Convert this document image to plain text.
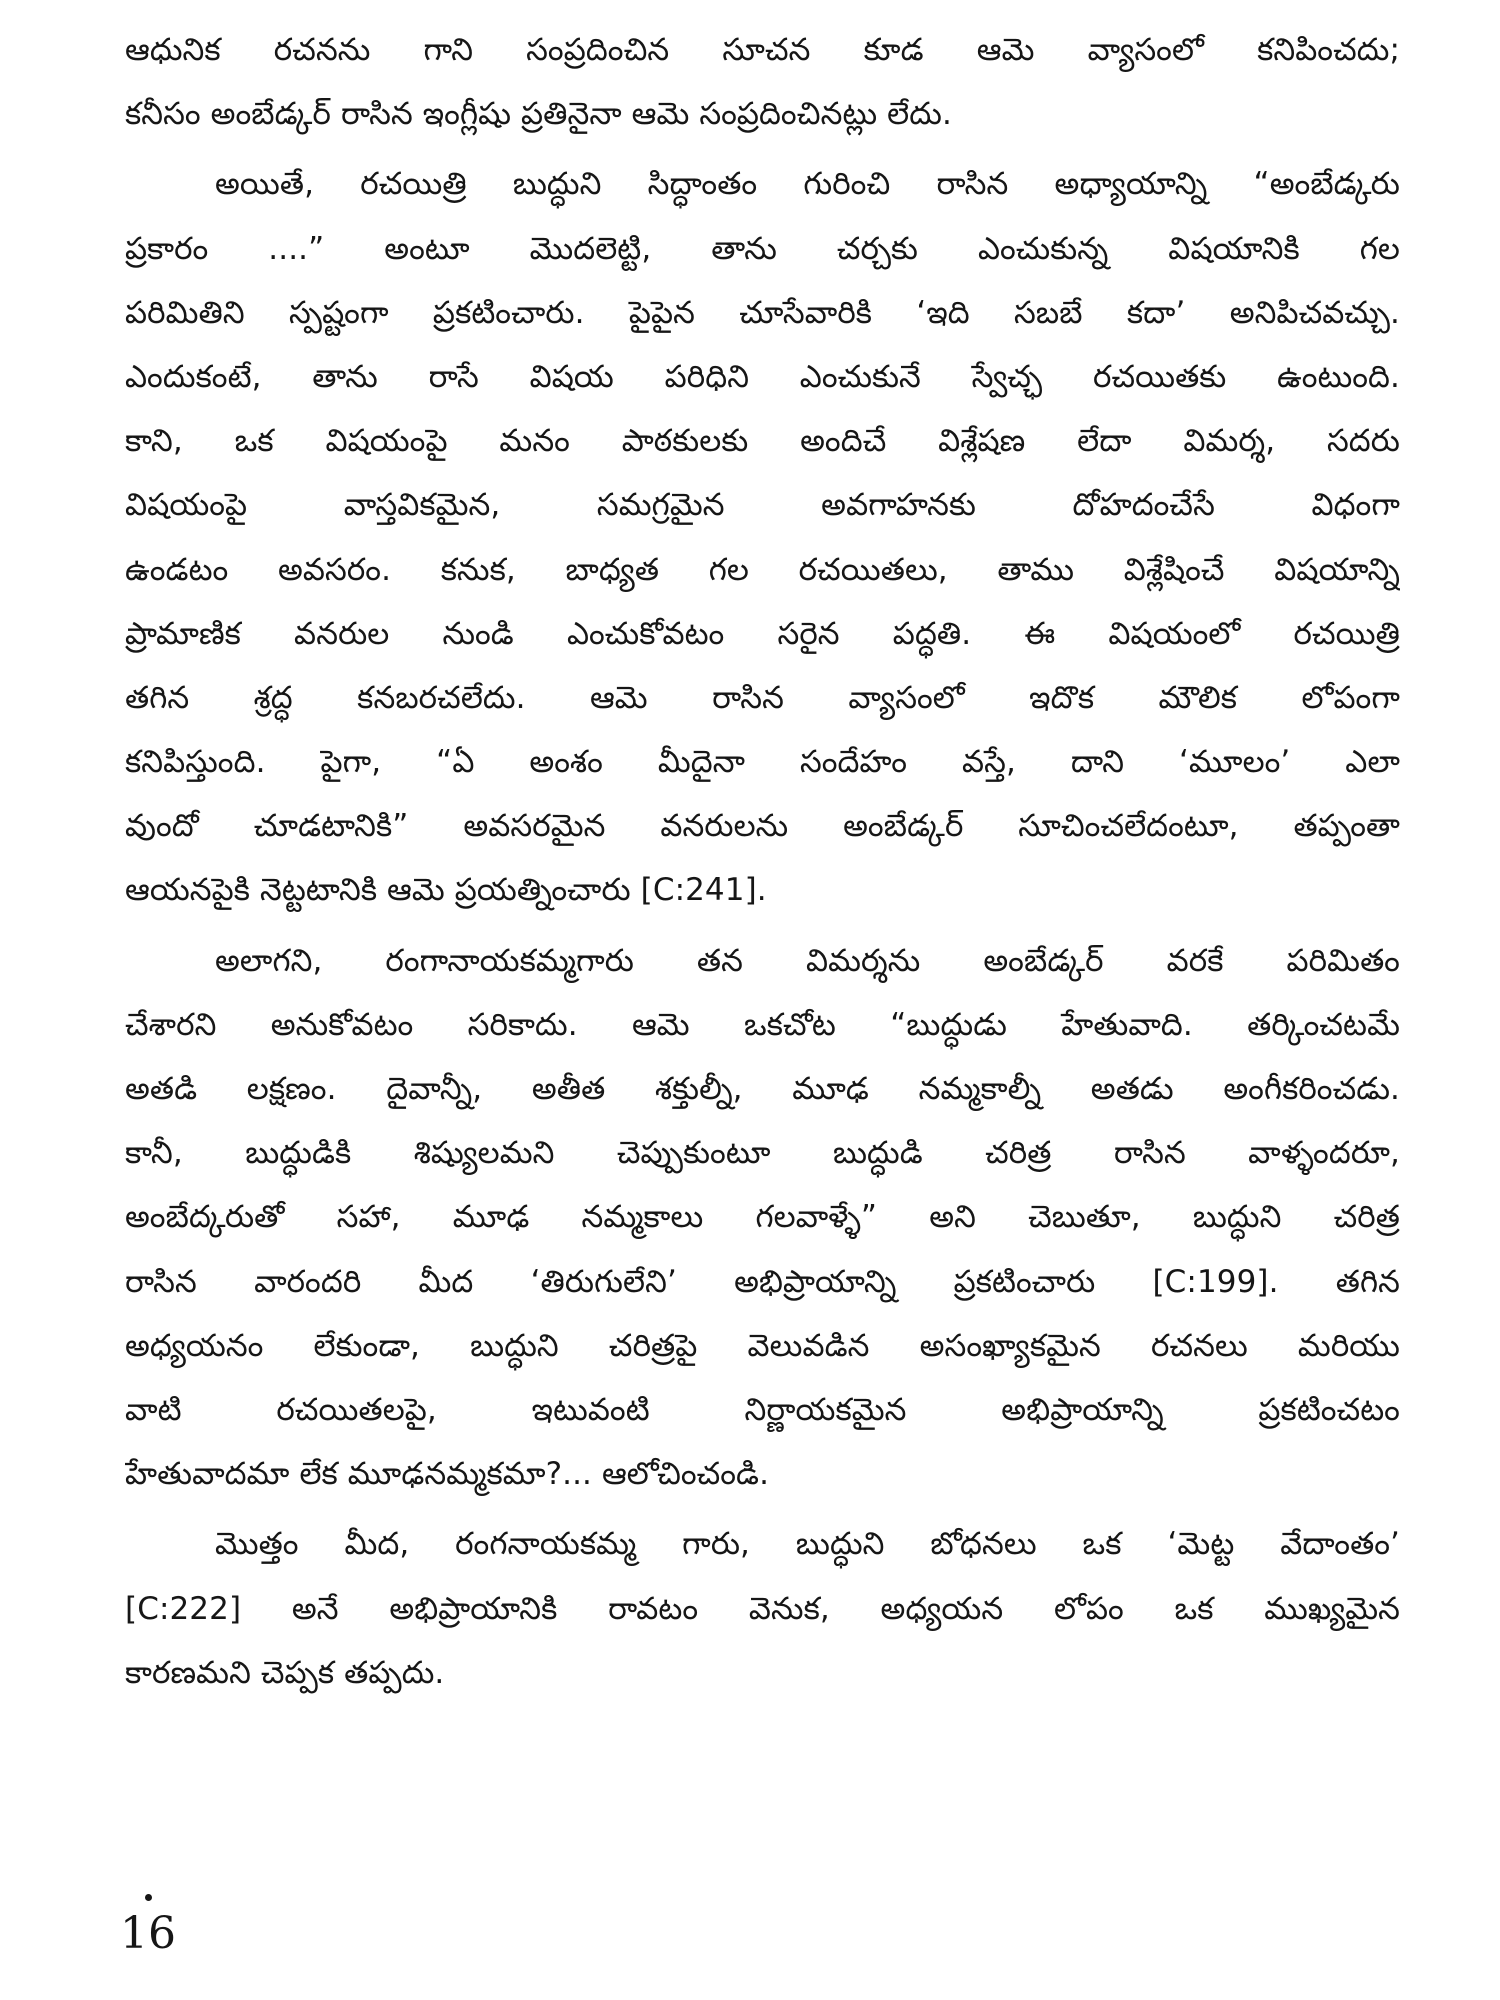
ఆధునిక రచనను గాని సంప్రదించిన సూచన కూడ ఆమె వ్యాసంలో కనిపించదు;
కనీసం అంబేడ్కర్ రాసిన ఇంగ్లీషు ప్రతినైనా ఆమె సంప్రదించినట్లు లేదు.
అయితే, రచయిత్రి బుద్ధుని సిద్ధాంతం గురించి రాసిన అధ్యాయాన్ని “అంబేడ్కరు
ప్రకారం ....” అంటూ మొదలెట్టి, తాను చర్చకు ఎంచుకున్న విషయానికి గల
పరిమితిని స్పష్టంగా ప్రకటించారు. పైపైన చూసేవారికి ‘ఇది సబబే కదా’ అనిపిచవచ్చు.
ఎందుకంటే, తాను రాసే విషయ పరిధిని ఎంచుకునే స్వేచ్ఛ రచయితకు ఉంటుంది.
కాని, ఒక విషయంపై మనం పాఠకులకు అందిచే విశ్లేషణ లేదా విమర్శ, సదరు
విషయంపై వాస్తవికమైన, సమగ్రమైన అవగాహనకు దోహదంచేసే విధంగా
ఉండటం అవసరం. కనుక, బాధ్యత గల రచయితలు, తాము విశ్లేషించే విషయాన్ని
ప్రామాణిక వనరుల నుండి ఎంచుకోవటం సరైన పద్ధతి. ఈ విషయంలో రచయిత్రి
తగిన శ్రద్ధ కనబరచలేదు. ఆమె రాసిన వ్యాసంలో ఇదొక మౌలిక లోపంగా
కనిపిస్తుంది. పైగా, “ఏ అంశం మీదైనా సందేహం వస్తే, దాని ‘మూలం’ ఎలా
వుందో చూడటానికి” అవసరమైన వనరులను అంబేడ్కర్ సూచించలేదంటూ, తప్పంతా
ఆయనపైకి నెట్టటానికి ఆమె ప్రయత్నించారు [C:241].
అలాగని, రంగానాయకమ్మగారు తన విమర్శను అంబేడ్కర్ వరకే పరిమితం
చేశారని అనుకోవటం సరికాదు. ఆమె ఒకచోట “బుద్ధుడు హేతువాది. తర్కించటమే
అతడి లక్షణం. దైవాన్నీ, అతీత శక్తుల్నీ, మూఢ నమ్మకాల్నీ అతడు అంగీకరించడు.
కానీ, బుద్ధుడికి శిష్యులమని చెప్పుకుంటూ బుద్ధుడి చరిత్ర రాసిన వాళ్ళందరూ,
అంబేద్కరుతో సహా, మూఢ నమ్మకాలు గలవాళ్ళే” అని చెబుతూ, బుద్ధుని చరిత్ర
రాసిన వారందరి మీద ‘తిరుగులేని’ అభిప్రాయాన్ని ప్రకటించారు [C:199]. తగిన
అధ్యయనం లేకుండా, బుద్ధుని చరిత్రపై వెలువడిన అసంఖ్యాకమైన రచనలు మరియు
వాటి రచయితలపై, ఇటువంటి నిర్ణాయకమైన అభిప్రాయాన్ని ప్రకటించటం
హేతువాదమా లేక మూఢనమ్మకమా?... ఆలోచించండి.
మొత్తం మీద, రంగనాయకమ్మ గారు, బుద్ధుని బోధనలు ఒక ‘మెట్ట వేదాంతం’
[C:222] అనే అభిప్రాయానికి రావటం వెనుక, అధ్యయన లోపం ఒక ముఖ్యమైన
కారణమని చెప్పక తప్పదు.
16
